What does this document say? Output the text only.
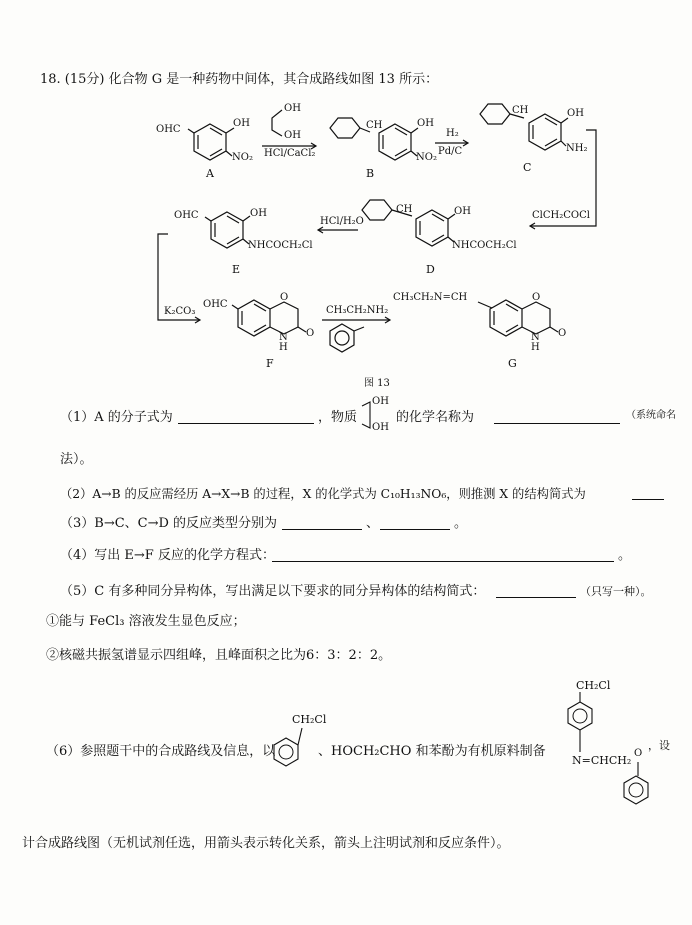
18. (15分) 化合物 G 是一种药物中间体，其合成路线如图 13 所示：
OHC
OH
NO₂
A
OH
OH
HCl/CaCl₂
CH	OH
NO₂
B
H₂
Pd/C
CH	OH
NH₂
C
ClCH₂COCl
CH	OH
NHCOCH₂Cl
D
HCl/H₂O
OHC	OH
NHCOCH₂Cl
E
K₂CO₃
OHC
O
N
H
O
F
CH₃CH₂NH₂
CH₃CH₂N=CH	O
N
H
O
G
图 13
（1）A 的分子式为	，物质
OH
OH
的化学名称为	（系统命名
法）。
（2）A→B 的反应需经历 A→X→B 的过程，X 的化学式为 C₁₀H₁₃NO₆，则推测 X 的结构简式为
（3）B→C、C→D 的反应类型分别为	、	。
（4）写出 E→F 反应的化学方程式：	。
（5）C 有多种同分异构体，写出满足以下要求的同分异构体的结构简式：	（只写一种）。
①能与 FeCl₃ 溶液发生显色反应；
②核磁共振氢谱显示四组峰，且峰面积之比为6：3：2：2。
（6）参照题干中的合成路线及信息，以
CH₂Cl
、HOCH₂CHO 和苯酚为有机原料制备
CH₂Cl
N=CHCH₂
O
，设
计合成路线图（无机试剂任选，用箭头表示转化关系，箭头上注明试剂和反应条件）。
